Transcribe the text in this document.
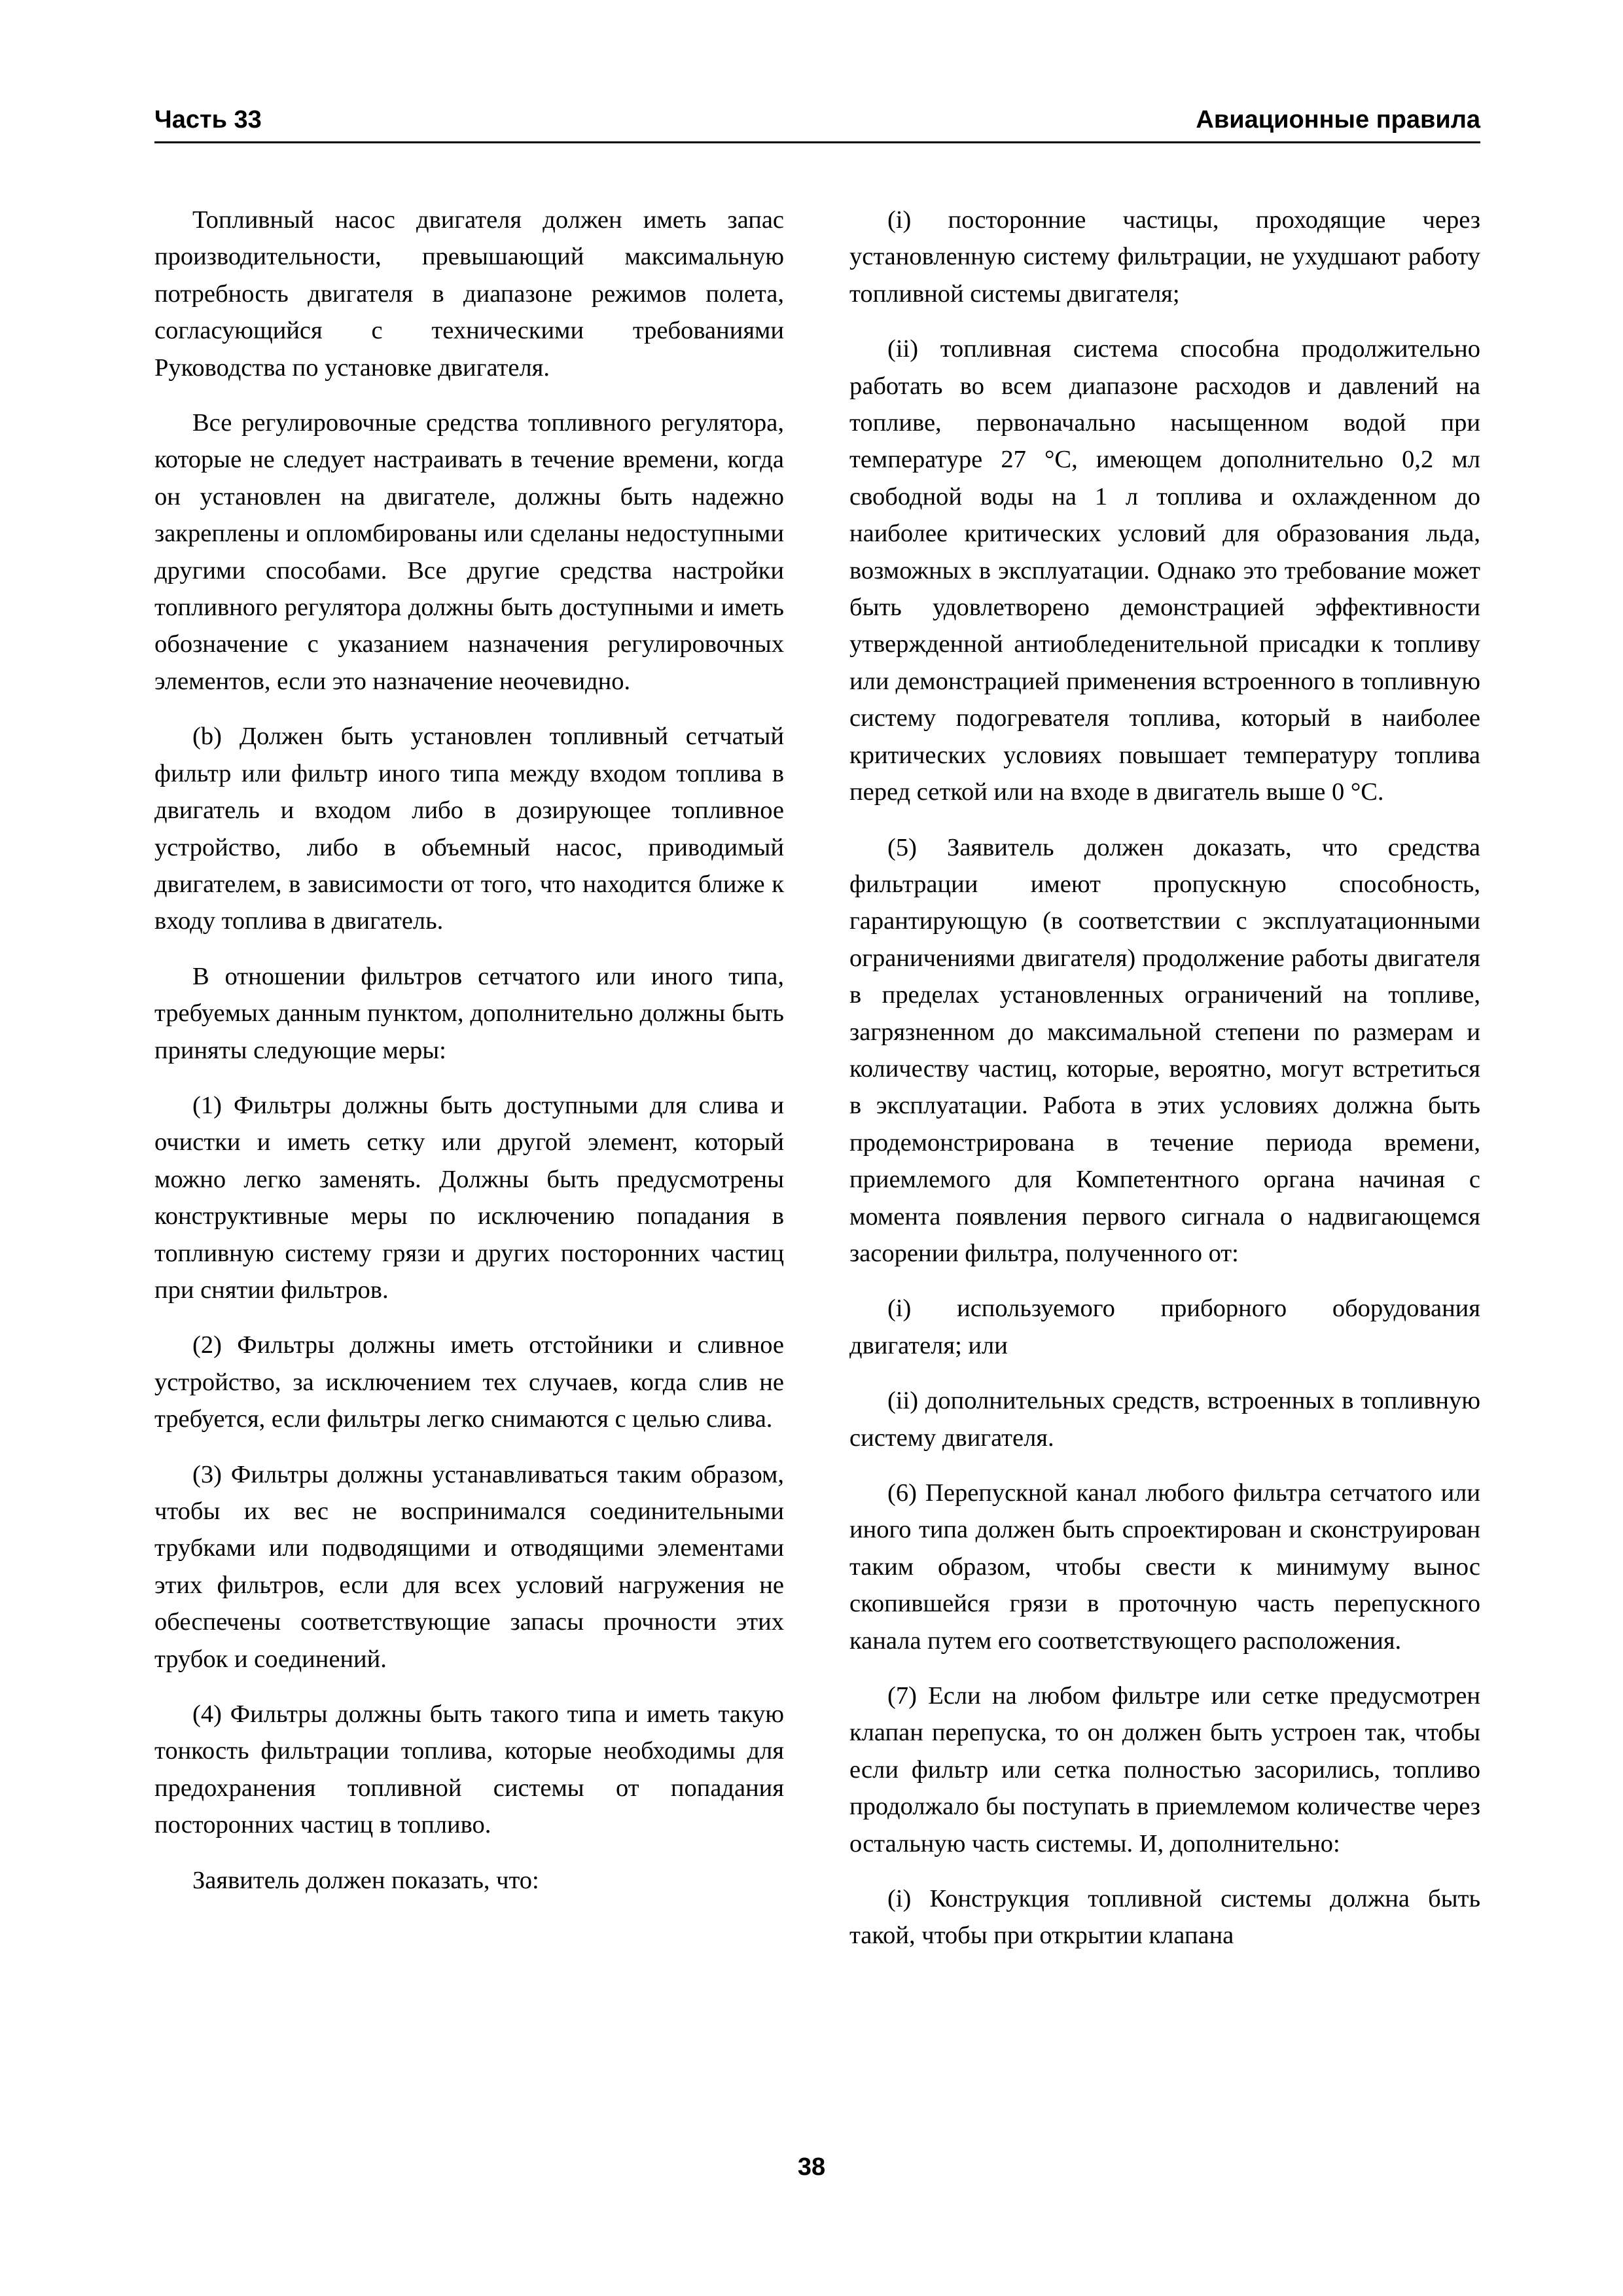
Часть 33	Авиационные правила

Топливный насос двигателя должен иметь запас производительности, превышающий максимальную потребность двигателя в диапазоне режимов полета, согласующийся с техническими требованиями Руководства по установке двигателя.

Все регулировочные средства топливного регулятора, которые не следует настраивать в течение времени, когда он установлен на двигателе, должны быть надежно закреплены и опломбированы или сделаны недоступными другими способами. Все другие средства настройки топливного регулятора должны быть доступными и иметь обозначение с указанием назначения регулировочных элементов, если это назначение неочевидно.

(b) Должен быть установлен топливный сетчатый фильтр или фильтр иного типа между входом топлива в двигатель и входом либо в дозирующее топливное устройство, либо в объемный насос, приводимый двигателем, в зависимости от того, что находится ближе к входу топлива в двигатель.

В отношении фильтров сетчатого или иного типа, требуемых данным пунктом, дополнительно должны быть приняты следующие меры:

(1) Фильтры должны быть доступными для слива и очистки и иметь сетку или другой элемент, который можно легко заменять. Должны быть предусмотрены конструктивные меры по исключению попадания в топливную систему грязи и других посторонних частиц при снятии фильтров.

(2) Фильтры должны иметь отстойники и сливное устройство, за исключением тех случаев, когда слив не требуется, если фильтры легко снимаются с целью слива.

(3) Фильтры должны устанавливаться таким образом, чтобы их вес не воспринимался соединительными трубками или подводящими и отводящими элементами этих фильтров, если для всех условий нагружения не обеспечены соответствующие запасы прочности этих трубок и соединений.

(4) Фильтры должны быть такого типа и иметь такую тонкость фильтрации топлива, которые необходимы для предохранения топливной системы от попадания посторонних частиц в топливо.

Заявитель должен показать, что:

(i) посторонние частицы, проходящие через установленную систему фильтрации, не ухудшают работу топливной системы двигателя;

(ii) топливная система способна продолжительно работать во всем диапазоне расходов и давлений на топливе, первоначально насыщенном водой при температуре 27 °С, имеющем дополнительно 0,2 мл свободной воды на 1 л топлива и охлажденном до наиболее критических условий для образования льда, возможных в эксплуатации. Однако это требование может быть удовлетворено демонстрацией эффективности утвержденной антиобледенительной присадки к топливу или демонстрацией применения встроенного в топливную систему подогревателя топлива, который в наиболее критических условиях повышает температуру топлива перед сеткой или на входе в двигатель выше 0 °С.

(5) Заявитель должен доказать, что средства фильтрации имеют пропускную способность, гарантирующую (в соответствии с эксплуатационными ограничениями двигателя) продолжение работы двигателя в пределах установленных ограничений на топливе, загрязненном до максимальной степени по размерам и количеству частиц, которые, вероятно, могут встретиться в эксплуатации. Работа в этих условиях должна быть продемонстрирована в течение периода времени, приемлемого для Компетентного органа начиная с момента появления первого сигнала о надвигающемся засорении фильтра, полученного от:

(i) используемого приборного оборудования двигателя; или

(ii) дополнительных средств, встроенных в топливную систему двигателя.

(6) Перепускной канал любого фильтра сетчатого или иного типа должен быть спроектирован и сконструирован таким образом, чтобы свести к минимуму вынос скопившейся грязи в проточную часть перепускного канала путем его соответствующего расположения.

(7) Если на любом фильтре или сетке предусмотрен клапан перепуска, то он должен быть устроен так, чтобы если фильтр или сетка полностью засорились, топливо продолжало бы поступать в приемлемом количестве через остальную часть системы. И, дополнительно:

(i) Конструкция топливной системы должна быть такой, чтобы при открытии клапана

38
